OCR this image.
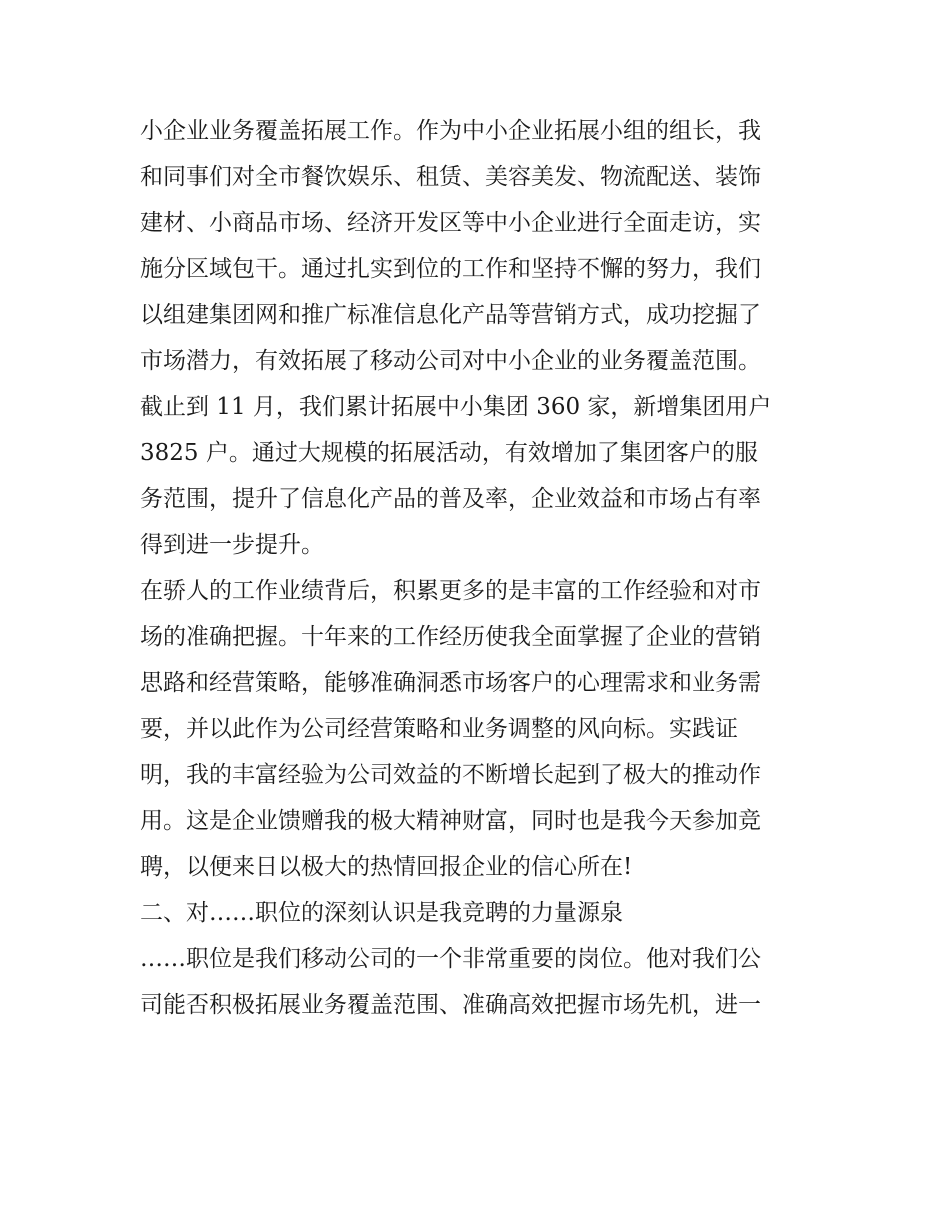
小企业业务覆盖拓展工作。作为中小企业拓展小组的组长，我
和同事们对全市餐饮娱乐、租赁、美容美发、物流配送、装饰
建材、小商品市场、经济开发区等中小企业进行全面走访，实
施分区域包干。通过扎实到位的工作和坚持不懈的努力，我们
以组建集团网和推广标准信息化产品等营销方式，成功挖掘了
市场潜力，有效拓展了移动公司对中小企业的业务覆盖范围。
截止到 11 月，我们累计拓展中小集团 360 家，新增集团用户
3825 户。通过大规模的拓展活动，有效增加了集团客户的服
务范围，提升了信息化产品的普及率，企业效益和市场占有率
得到进一步提升。
在骄人的工作业绩背后，积累更多的是丰富的工作经验和对市
场的准确把握。十年来的工作经历使我全面掌握了企业的营销
思路和经营策略，能够准确洞悉市场客户的心理需求和业务需
要，并以此作为公司经营策略和业务调整的风向标。实践证
明，我的丰富经验为公司效益的不断增长起到了极大的推动作
用。这是企业馈赠我的极大精神财富，同时也是我今天参加竞
聘，以便来日以极大的热情回报企业的信心所在!
二、对……职位的深刻认识是我竞聘的力量源泉
……职位是我们移动公司的一个非常重要的岗位。他对我们公
司能否积极拓展业务覆盖范围、准确高效把握市场先机，进一
